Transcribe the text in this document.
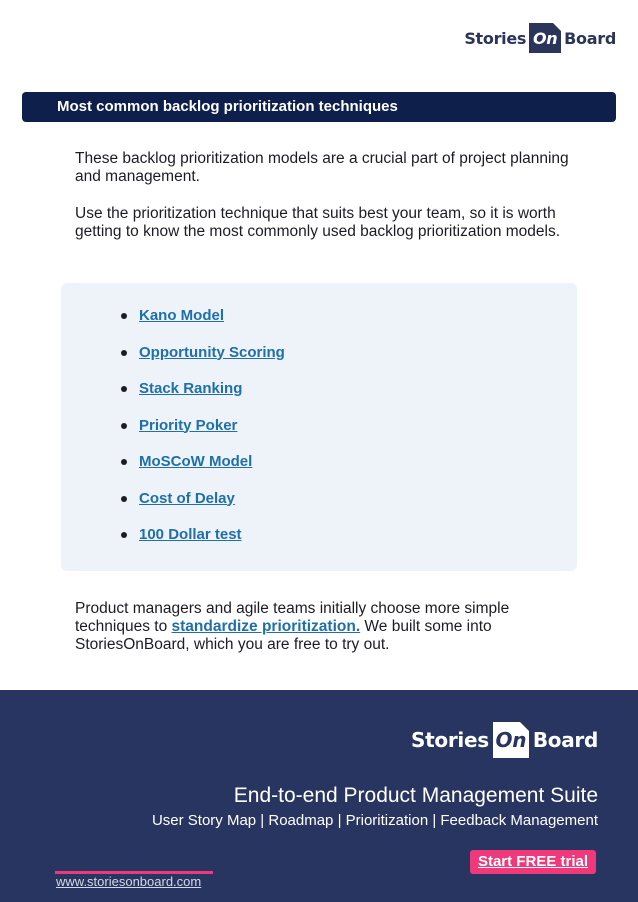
Stories On Board
Most common backlog prioritization techniques

These backlog prioritization models are a crucial part of project planning and management.

Use the prioritization technique that suits best your team, so it is worth getting to know the most commonly used backlog prioritization models.

Kano Model
Opportunity Scoring
Stack Ranking
Priority Poker
MoSCoW Model
Cost of Delay
100 Dollar test

Product managers and agile teams initially choose more simple techniques to standardize prioritization. We built some into StoriesOnBoard, which you are free to try out.

Stories On Board
End-to-end Product Management Suite
User Story Map | Roadmap | Prioritization | Feedback Management
Start FREE trial
www.storiesonboard.com
